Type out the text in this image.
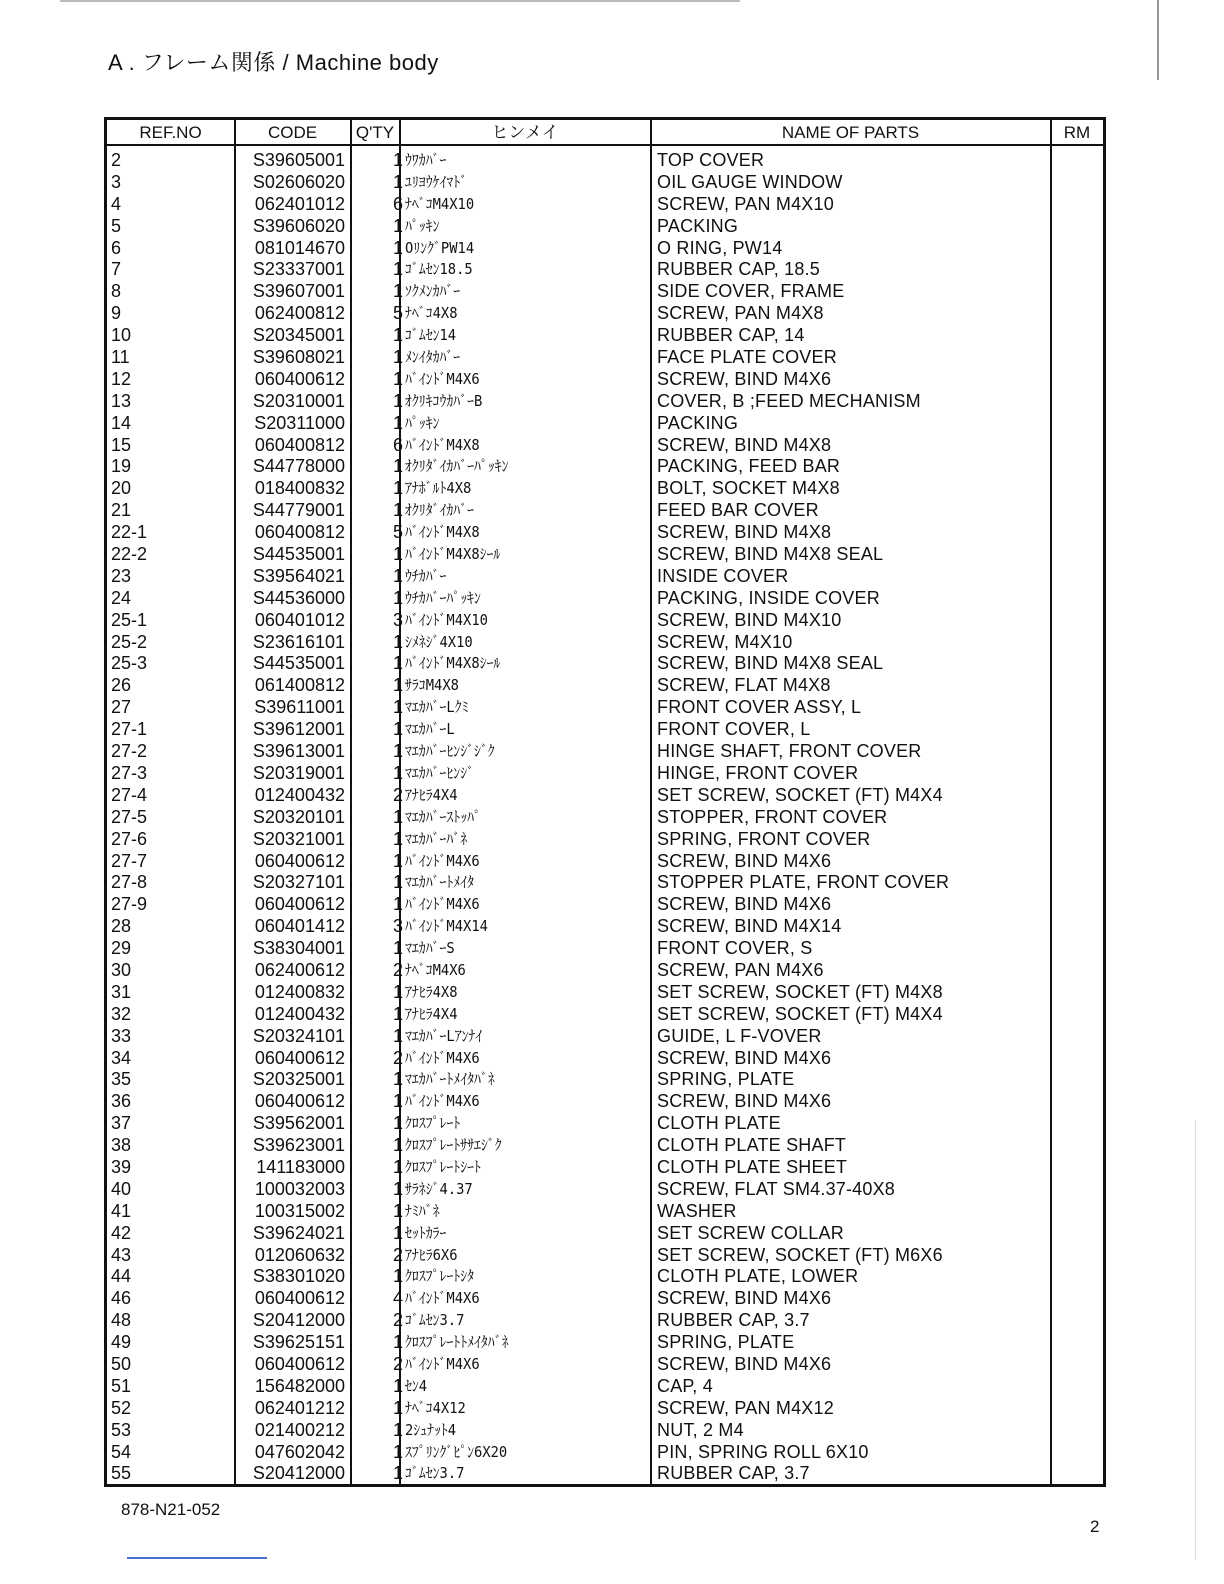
A . フレーム関係 / Machine body
REF.NO	CODE	Q'TY	ヒンメイ	NAME OF PARTS	RM
2	S39605001	1 ｳﾜｶﾊﾞｰ	TOP COVER
3	S02606020	1 ﾕﾘﾖｳｹｲﾏﾄﾞ	OIL GAUGE WINDOW
4	062401012	6 ﾅﾍﾞｺM4X10	SCREW, PAN M4X10
5	S39606020	1 ﾊﾟｯｷﾝ	PACKING
6	081014670	1 OﾘﾝｸﾞPW14	O RING, PW14
7	S23337001	1 ｺﾞﾑｾﾝ18.5	RUBBER CAP, 18.5
8	S39607001	1 ｿｸﾒﾝｶﾊﾞｰ	SIDE COVER, FRAME
9	062400812	5 ﾅﾍﾞｺ4X8	SCREW, PAN M4X8
10	S20345001	1 ｺﾞﾑｾﾝ14	RUBBER CAP, 14
11	S39608021	1 ﾒﾝｲﾀｶﾊﾞｰ	FACE PLATE COVER
12	060400612	1 ﾊﾞｲﾝﾄﾞM4X6	SCREW, BIND M4X6
13	S20310001	1 ｵｸﾘｷｺｳｶﾊﾞｰB	COVER, B ;FEED MECHANISM
14	S20311000	1 ﾊﾟｯｷﾝ	PACKING
15	060400812	6 ﾊﾞｲﾝﾄﾞM4X8	SCREW, BIND M4X8
19	S44778000	1 ｵｸﾘﾀﾞｲｶﾊﾞｰﾊﾟｯｷﾝ	PACKING, FEED BAR
20	018400832	1 ｱﾅﾎﾞﾙﾄ4X8	BOLT, SOCKET M4X8
21	S44779001	1 ｵｸﾘﾀﾞｲｶﾊﾞｰ	FEED BAR COVER
22-1	060400812	5 ﾊﾞｲﾝﾄﾞM4X8	SCREW, BIND M4X8
22-2	S44535001	1 ﾊﾞｲﾝﾄﾞM4X8ｼｰﾙ	SCREW, BIND M4X8 SEAL
23	S39564021	1 ｳﾁｶﾊﾞｰ	INSIDE COVER
24	S44536000	1 ｳﾁｶﾊﾞｰﾊﾟｯｷﾝ	PACKING, INSIDE COVER
25-1	060401012	3 ﾊﾞｲﾝﾄﾞM4X10	SCREW, BIND M4X10
25-2	S23616101	1 ｼﾒﾈｼﾞ4X10	SCREW, M4X10
25-3	S44535001	1 ﾊﾞｲﾝﾄﾞM4X8ｼｰﾙ	SCREW, BIND M4X8 SEAL
26	061400812	1 ｻﾗｺM4X8	SCREW, FLAT M4X8
27	S39611001	1 ﾏｴｶﾊﾞｰLｸﾐ	FRONT COVER ASSY, L
27-1	S39612001	1 ﾏｴｶﾊﾞｰL	FRONT COVER, L
27-2	S39613001	1 ﾏｴｶﾊﾞｰﾋﾝｼﾞｼﾞｸ	HINGE SHAFT, FRONT COVER
27-3	S20319001	1 ﾏｴｶﾊﾞｰﾋﾝｼﾞ	HINGE, FRONT COVER
27-4	012400432	2 ｱﾅﾋﾗ4X4	SET SCREW, SOCKET (FT) M4X4
27-5	S20320101	1 ﾏｴｶﾊﾞｰｽﾄｯﾊﾟ	STOPPER, FRONT COVER
27-6	S20321001	1 ﾏｴｶﾊﾞｰﾊﾞﾈ	SPRING, FRONT COVER
27-7	060400612	1 ﾊﾞｲﾝﾄﾞM4X6	SCREW, BIND M4X6
27-8	S20327101	1 ﾏｴｶﾊﾞｰﾄﾒｲﾀ	STOPPER PLATE, FRONT COVER
27-9	060400612	1 ﾊﾞｲﾝﾄﾞM4X6	SCREW, BIND M4X6
28	060401412	3 ﾊﾞｲﾝﾄﾞM4X14	SCREW, BIND M4X14
29	S38304001	1 ﾏｴｶﾊﾞｰS	FRONT COVER, S
30	062400612	2 ﾅﾍﾞｺM4X6	SCREW, PAN M4X6
31	012400832	1 ｱﾅﾋﾗ4X8	SET SCREW, SOCKET (FT) M4X8
32	012400432	1 ｱﾅﾋﾗ4X4	SET SCREW, SOCKET (FT) M4X4
33	S20324101	1 ﾏｴｶﾊﾞｰLｱﾝﾅｲ	GUIDE, L F-VOVER
34	060400612	2 ﾊﾞｲﾝﾄﾞM4X6	SCREW, BIND M4X6
35	S20325001	1 ﾏｴｶﾊﾞｰﾄﾒｲﾀﾊﾞﾈ	SPRING, PLATE
36	060400612	1 ﾊﾞｲﾝﾄﾞM4X6	SCREW, BIND M4X6
37	S39562001	1 ｸﾛｽﾌﾟﾚｰﾄ	CLOTH PLATE
38	S39623001	1 ｸﾛｽﾌﾟﾚｰﾄｻｻｴｼﾞｸ	CLOTH PLATE SHAFT
39	141183000	1 ｸﾛｽﾌﾟﾚｰﾄｼｰﾄ	CLOTH PLATE SHEET
40	100032003	1 ｻﾗﾈｼﾞ4.37	SCREW, FLAT SM4.37-40X8
41	100315002	1 ﾅﾐﾊﾞﾈ	WASHER
42	S39624021	1 ｾｯﾄｶﾗｰ	SET SCREW COLLAR
43	012060632	2 ｱﾅﾋﾗ6X6	SET SCREW, SOCKET (FT) M6X6
44	S38301020	1 ｸﾛｽﾌﾟﾚｰﾄｼﾀ	CLOTH PLATE, LOWER
46	060400612	4 ﾊﾞｲﾝﾄﾞM4X6	SCREW, BIND M4X6
48	S20412000	2 ｺﾞﾑｾﾝ3.7	RUBBER CAP, 3.7
49	S39625151	1 ｸﾛｽﾌﾟﾚｰﾄﾄﾒｲﾀﾊﾞﾈ	SPRING, PLATE
50	060400612	2 ﾊﾞｲﾝﾄﾞM4X6	SCREW, BIND M4X6
51	156482000	1 ｾﾝ4	CAP, 4
52	062401212	1 ﾅﾍﾞｺ4X12	SCREW, PAN M4X12
53	021400212	1 2ｼｭﾅｯﾄ4	NUT, 2 M4
54	047602042	1 ｽﾌﾟﾘﾝｸﾞﾋﾟﾝ6X20	PIN, SPRING ROLL 6X10
55	S20412000	1 ｺﾞﾑｾﾝ3.7	RUBBER CAP, 3.7
878-N21-052
2
